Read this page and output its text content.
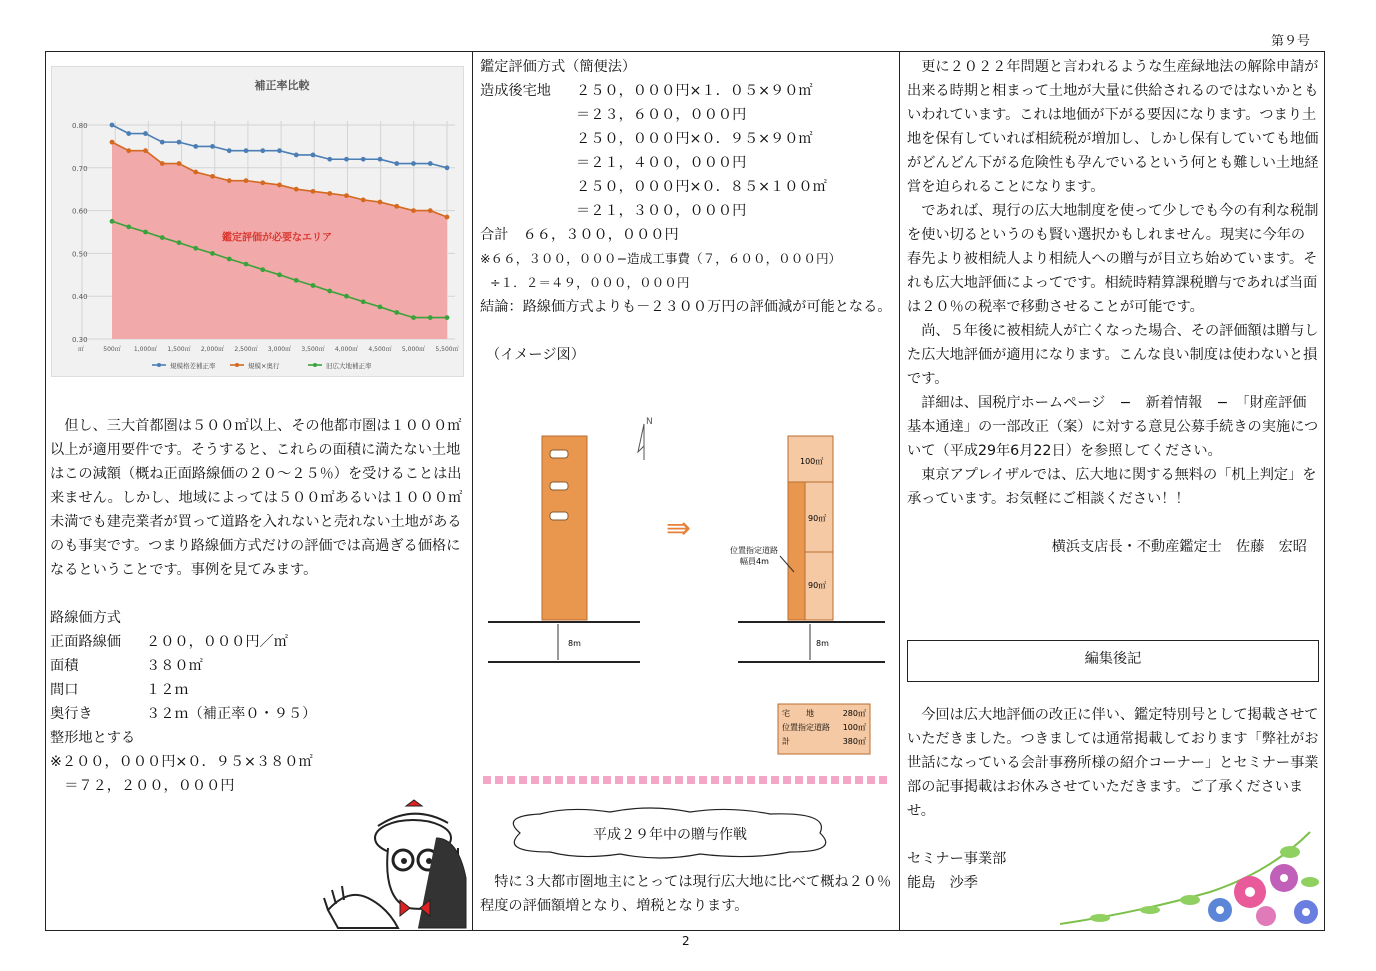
第９号
補正率比較
0.80
0.70
0.60
0.50
0.40
0.30
鑑定評価が必要なエリア
㎡	500㎡ 1,000㎡ 1,500㎡ 2,000㎡ 2,500㎡ 3,000㎡ 3,500㎡ 4,000㎡ 4,500㎡ 5,000㎡ 5,500㎡
規模格差補正率	規模×奥行	旧広大地補正率

但し、三大首都圏は５００㎡以上、その他都市圏は１０００㎡以上が適用要件です。そうすると、これらの面積に満たない土地はこの減額（概ね正面路線価の２０～２５％）を受けることは出来ません。しかし、地域によっては５００㎡あるいは１０００㎡未満でも建売業者が買って道路を入れないと売れない土地があるのも事実です。つまり路線価方式だけの評価では高過ぎる価格になるということです。事例を見てみます。

路線価方式

正面路線価	２００，０００円／㎡
面積	３８０㎡
間口	１２ｍ
奥行き	３２ｍ（補正率０・９５）

整形地とする

※２００，０００円×０．９５×３８０㎡

＝７２，２００，０００円

鑑定評価方式（簡便法）

造成後宅地	２５０，０００円×１．０５×９０㎡
＝２３，６００，０００円
２５０，０００円×０．９５×９０㎡
＝２１，４００，０００円
２５０，０００円×０．８５×１００㎡
＝２１，３００，０００円

合計　６６，３００，０００円

※６６，３００，０００−造成工事費（７，６００，０００円）

÷１．２＝４９，０００，０００円

結論： 路線価方式よりも－２３００万円の評価減が可能となる。

（イメージ図）

N
⇛
100㎡
90㎡
90㎡
位置指定道路
幅員4m
8m	8m
宅　　地	280㎡
位置指定道路 100㎡
計	380㎡
平成２９年中の贈与作戦

特に３大都市圏地主にとっては現行広大地に比べて概ね２０％程度の評価額増となり、増税となります。

更に２０２２年問題と言われるような生産緑地法の解除申請が出来る時期と相まって土地が大量に供給されるのではないかともいわれています。これは地価が下がる要因になります。つまり土地を保有していれば相続税が増加し、しかし保有していても地価がどんどん下がる危険性も孕んでいるという何とも難しい土地経営を迫られることになります。

であれば、現行の広大地制度を使って少しでも今の有利な税制を使い切るというのも賢い選択かもしれません。現実に今年の春先より被相続人より相続人への贈与が目立ち始めています。それも広大地評価によってです。相続時精算課税贈与であれば当面は２０％の税率で移動させることが可能です。

尚、５年後に被相続人が亡くなった場合、その評価額は贈与した広大地評価が適用になります。こんな良い制度は使わないと損です。

詳細は、国税庁ホームページ　−　新着情報　−　「財産評価基本通達」の一部改正（案）に対する意見公募手続きの実施について（平成29年6月22日）を参照してください。

東京アプレイザルでは、広大地に関する無料の「机上判定」を承っています。お気軽にご相談ください！！

横浜支店長・不動産鑑定士　佐藤　宏昭

編集後記

今回は広大地評価の改正に伴い、鑑定特別号として掲載させていただきました。つきましては通常掲載しております「弊社がお世話になっている会計事務所様の紹介コーナー」とセミナー事業部の記事掲載はお休みさせていただきます。ご了承くださいませ。

セミナー事業部

能島　沙季

2
